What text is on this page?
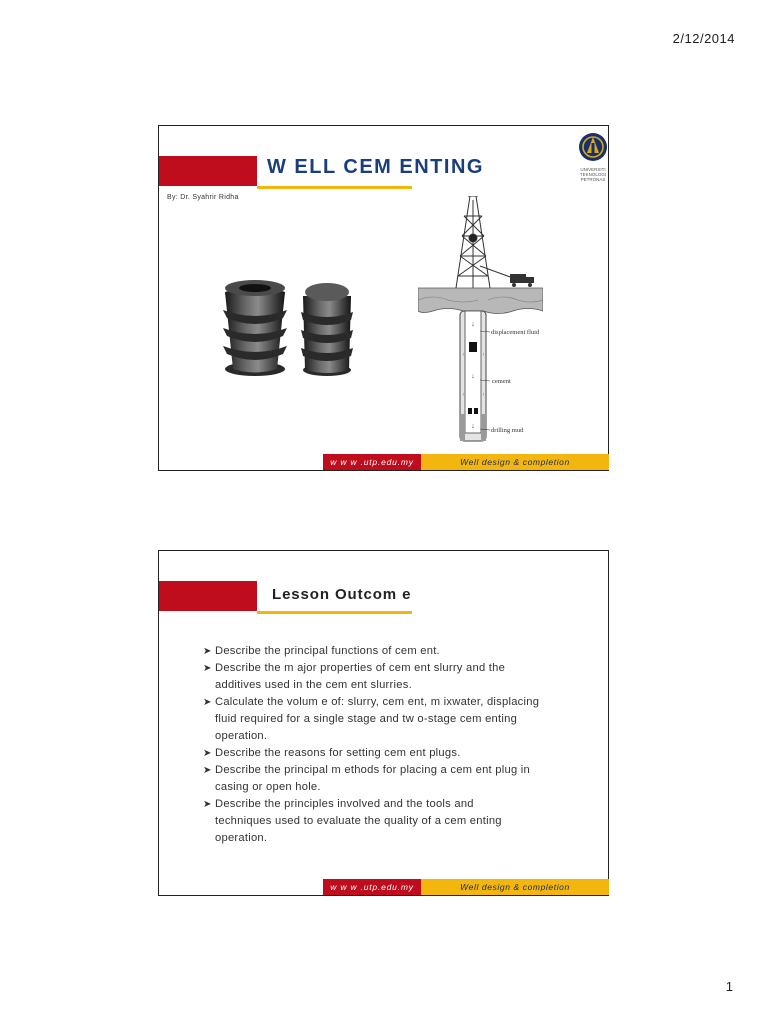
2/12/2014
W ELL CEM ENTING
By: Dr. Syahrir Ridha
UNIVERSITI
TEKNOLOGI
PETRONAS
↓
↓
↓
↑	↑
↑	↑
displacement fluid
cement
drilling mud
w w w .utp.edu.my	Well design & completion
Lesson Outcom e
➤ Describe the principal functions of cem ent.
➤ Describe the m ajor properties of cem ent slurry and the
additives used in the cem ent slurries.
➤ Calculate the volum e of: slurry, cem ent, m ixwater, displacing
fluid required for a single stage and tw o-stage cem enting
operation.
➤ Describe the reasons for setting cem ent plugs.
➤ Describe the principal m ethods for placing a cem ent plug in
casing or open hole.
➤ Describe the principles involved and the tools and
techniques used to evaluate the quality of a cem enting
operation.
w w w .utp.edu.my	Well design & completion
1
